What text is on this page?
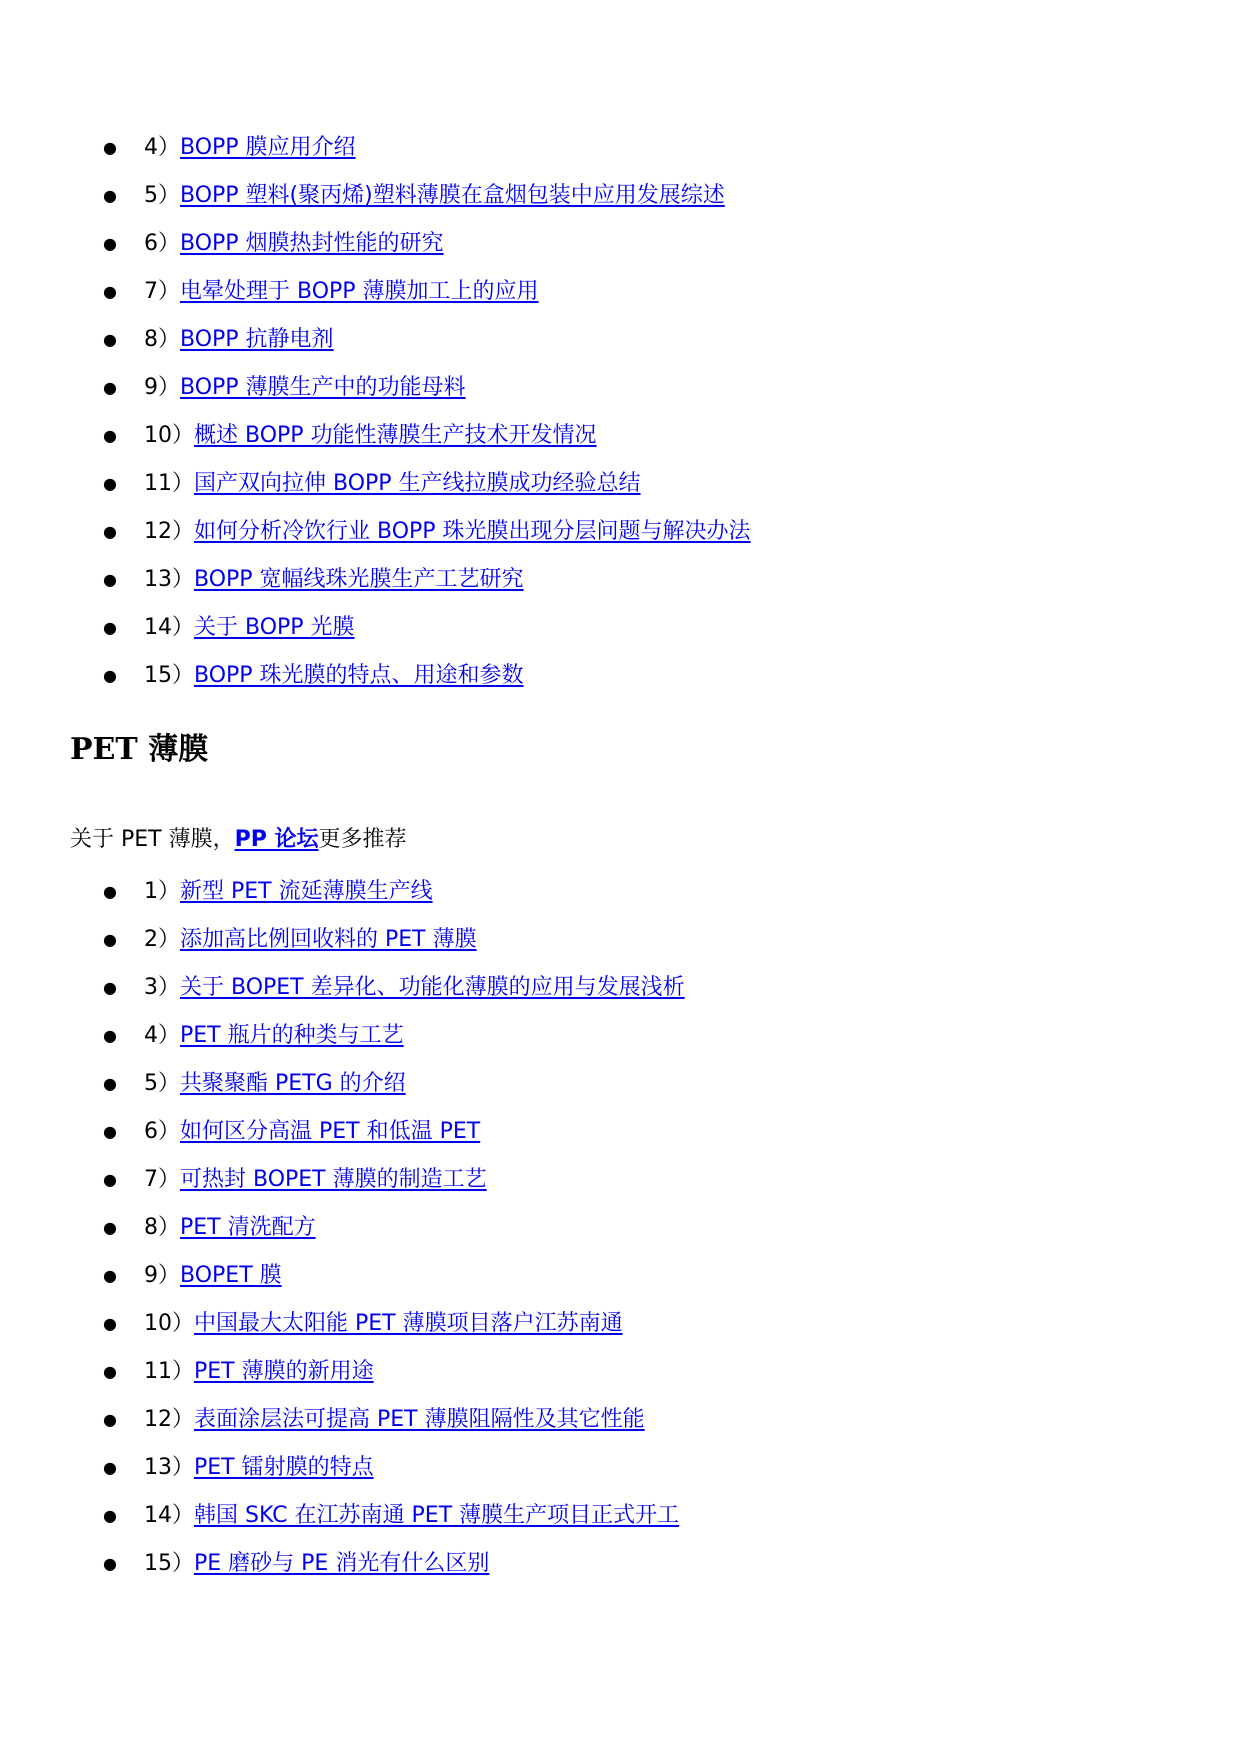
● 4）BOPP 膜应用介绍
● 5）BOPP 塑料(聚丙烯)塑料薄膜在盒烟包装中应用发展综述
● 6）BOPP 烟膜热封性能的研究
● 7）电晕处理于 BOPP 薄膜加工上的应用
● 8）BOPP 抗静电剂
● 9）BOPP 薄膜生产中的功能母料
● 10）概述 BOPP 功能性薄膜生产技术开发情况
● 11）国产双向拉伸 BOPP 生产线拉膜成功经验总结
● 12）如何分析冷饮行业 BOPP 珠光膜出现分层问题与解决办法
● 13）BOPP 宽幅线珠光膜生产工艺研究
● 14）关于 BOPP 光膜
● 15）BOPP 珠光膜的特点、用途和参数
PET 薄膜

关于 PET 薄膜，PP 论坛更多推荐

● 1）新型 PET 流延薄膜生产线
● 2）添加高比例回收料的 PET 薄膜
● 3）关于 BOPET 差异化、功能化薄膜的应用与发展浅析
● 4）PET 瓶片的种类与工艺
● 5）共聚聚酯 PETG 的介绍
● 6）如何区分高温 PET 和低温 PET
● 7）可热封 BOPET 薄膜的制造工艺
● 8）PET 清洗配方
● 9）BOPET 膜
● 10）中国最大太阳能 PET 薄膜项目落户江苏南通
● 11）PET 薄膜的新用途
● 12）表面涂层法可提高 PET 薄膜阻隔性及其它性能
● 13）PET 镭射膜的特点
● 14）韩国 SKC 在江苏南通 PET 薄膜生产项目正式开工
● 15）PE 磨砂与 PE 消光有什么区别
